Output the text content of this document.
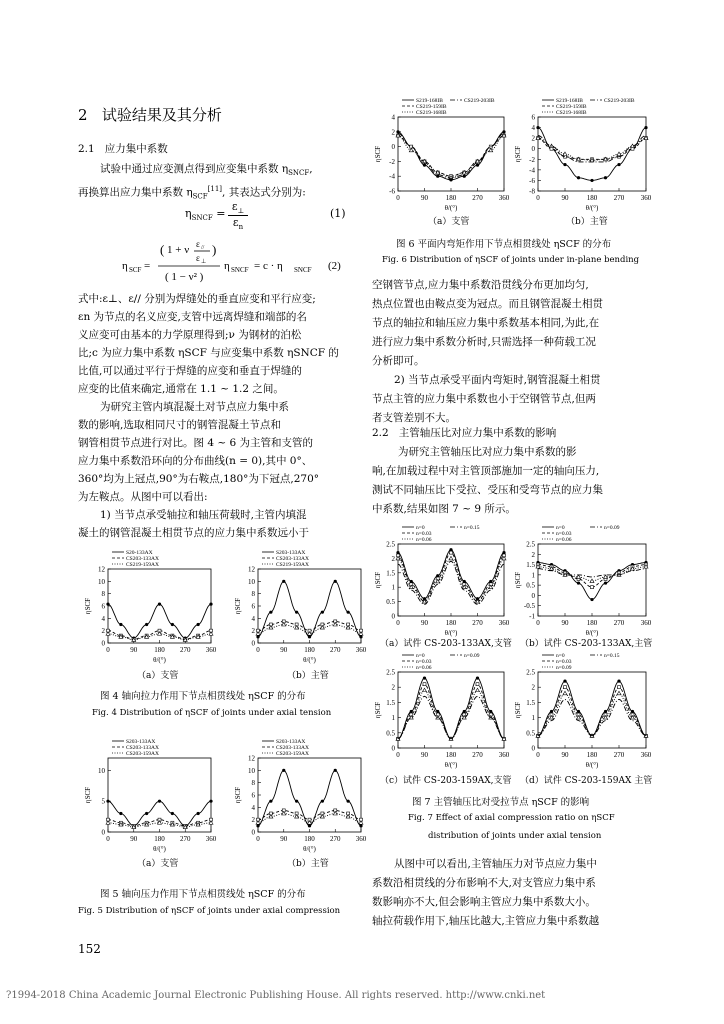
2 试验结果及其分析
2.1 应力集中系数
试验中通过应变测点得到应变集中系数 $\eta_{SNCF}$,
再换算出应力集中系数 $\eta_{SCF}[11]$, 其表达式分别为:
$\eta_{SNCF}$ =
$\varepsilon_\perp$
$\varepsilon_n$
(1)
η SCF =
( 1 + ν ε //
ε ⊥
)
( 1 − ν² )
η SNCF = c · η SNCF (2)
式中:ε⊥、ε// 分别为焊缝处的垂直应变和平行应变;
εn 为节点的名义应变,支管中远离焊缝和端部的名
义应变可由基本的力学原理得到;ν 为钢材的泊松
比;c 为应力集中系数 ηSCF 与应变集中系数 ηSNCF 的
比值,可以通过平行于焊缝的应变和垂直于焊缝的
应变的比值来确定,通常在 1.1 ~ 1.2 之间。
为研究主管内填混凝土对节点应力集中系
数的影响,选取相同尺寸的钢管混凝土节点和
钢管相贯节点进行对比。图 4 ~ 6 为主管和支管的
应力集中系数沿环向的分布曲线(n = 0),其中 0°、
360°均为上冠点,90°为右鞍点,180°为下冠点,270°
为左鞍点。从图中可以看出:
1) 当节点承受轴拉和轴压荷载时,主管内填混
凝土的钢管混凝土相贯节点的应力集中系数远小于
0	90 180 270 360
0
2
4
6
8
10
12
θ/(°)
ηSCF
S20-133AX
CS203-133AX
CS219-159AX
0	90 180 270 360
0
2
4
6
8
10
12
θ/(°)
ηSCF
S203-133AX
CS203-133AX
CS219-159AX
（a）支管	（b）主管
图 4 轴向拉力作用下节点相贯线处 ηSCF 的分布
Fig. 4 Distribution of ηSCF of joints under axial tension
0	90 180 270 360
0
5
10
θ/(°)
ηSCF
S203-133AX
CS203-133AX
CS203-159AX
0	90 180 270 360
0
2
4
6
8
10
12
θ/(°)
ηSCF
S203-133AX
CS203-133AX
CS203-159AX
（a）支管	（b）主管
图 5 轴向压力作用下节点相贯线处 ηSCF 的分布
Fig. 5 Distribution of ηSCF of joints under axial compression
152
0	90	180 270 360
-6
-4
-2
0
2
4
θ/(°)
ηSCF
S219-168IB
CS219-159IB
CS219-168IB
CS219-203IB
0	90	180 270 360
-8
-6
-4
-2
0
2
4
6
θ/(°)
ηSCF
S219-168IB
CS219-159IB
CS219-168IB
CS219-203IB
（a）支管	（b）主管
图 6 平面内弯矩作用下节点相贯线处 ηSCF 的分布
Fig. 6 Distribution of ηSCF of joints under in-plane bending
空钢管节点,应力集中系数沿贯线分布更加均匀,
热点位置也由鞍点变为冠点。而且钢管混凝土相贯
节点的轴拉和轴压应力集中系数基本相同,为此,在
进行应力集中系数分析时,只需选择一种荷载工况
分析即可。
2) 当节点承受平面内弯矩时,钢管混凝土相贯
节点主管的应力集中系数也小于空钢管节点,但两
者支管差别不大。
2.2 主管轴压比对应力集中系数的影响
为研究主管轴压比对应力集中系数的影
响,在加载过程中对主管顶部施加一定的轴向压力,
测试不同轴压比下受拉、受压和受弯节点的应力集
中系数,结果如图 7 ~ 9 所示。
0	90	180 270 360
0
0.5
1
1.5
2
2.5
θ/(°)
ηSCF
n=0
n=0.03
n=0.06
n=0.15
0	90	180 270 360
-1
-0.5
0
0.5
1
1.5
2
2.5
θ/(°)
ηSCF
n=0
n=0.03
n=0.06
n=0.09
（a）试件 CS-203-133AX,支管 （b）试件 CS-203-133AX,主管
0	90	180 270 360
0
0.5
1
1.5
2
2.5
θ/(°)
ηSCF
n=0
n=0.03
n=0.06
n=0.09
0	90	180 270 360
0
0.5
1
1.5
2
2.5
θ/(°)
ηSCF
n=0
n=0.03
n=0.09
n=0.15
（c）试件 CS-203-159AX,支管 （d）试件 CS-203-159AX 主管
图 7 主管轴压比对受拉节点 ηSCF 的影响
Fig. 7 Effect of axial compression ratio on ηSCF
distribution of joints under axial tension
从图中可以看出,主管轴压力对节点应力集中
系数沿相贯线的分布影响不大,对支管应力集中系
数影响亦不大,但会影响主管应力集中系数大小。
轴拉荷载作用下,轴压比越大,主管应力集中系数越
?1994-2018 China Academic Journal Electronic Publishing House. All rights reserved. http://www.cnki.net
